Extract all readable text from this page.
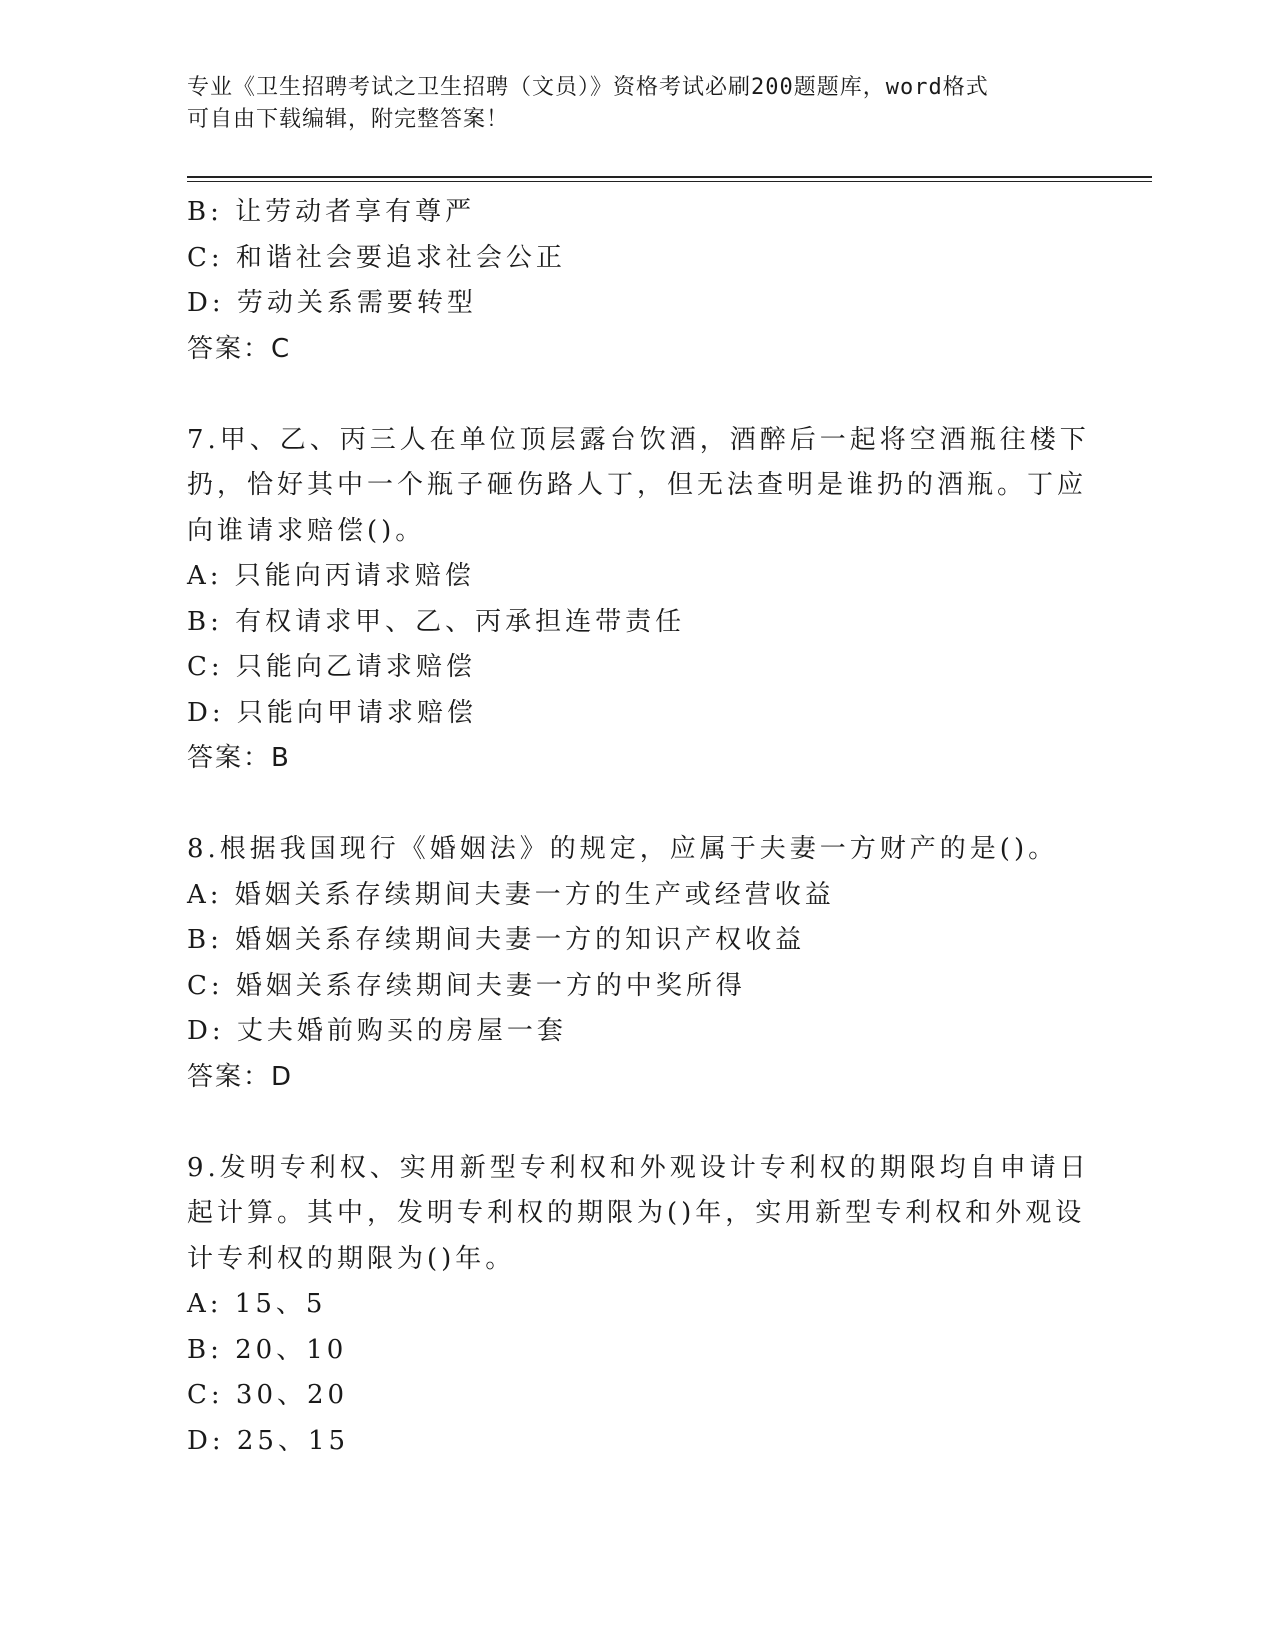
专业《卫生招聘考试之卫生招聘（文员）》资格考试必刷200题题库，word格式

可自由下载编辑，附完整答案！

B: 让劳动者享有尊严
C: 和谐社会要追求社会公正
D: 劳动关系需要转型
答案：C
7.甲、乙、丙三人在单位顶层露台饮酒，酒醉后一起将空酒瓶往楼下
扔，恰好其中一个瓶子砸伤路人丁，但无法查明是谁扔的酒瓶。丁应
向谁请求赔偿()。
A: 只能向丙请求赔偿
B: 有权请求甲、乙、丙承担连带责任
C: 只能向乙请求赔偿
D: 只能向甲请求赔偿
答案：B
8.根据我国现行《婚姻法》的规定，应属于夫妻一方财产的是()。
A: 婚姻关系存续期间夫妻一方的生产或经营收益
B: 婚姻关系存续期间夫妻一方的知识产权收益
C: 婚姻关系存续期间夫妻一方的中奖所得
D: 丈夫婚前购买的房屋一套
答案：D
9.发明专利权、实用新型专利权和外观设计专利权的期限均自申请日
起计算。其中，发明专利权的期限为()年，实用新型专利权和外观设
计专利权的期限为()年。
A: 15、5
B: 20、10
C: 30、20
D: 25、15
